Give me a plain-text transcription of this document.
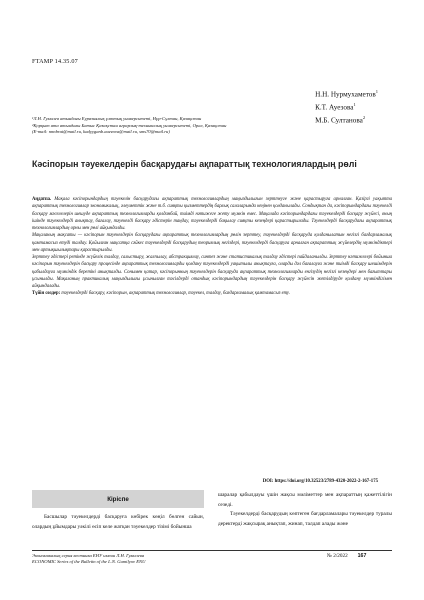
FTAMP 14.35.07
Н.Н. Нурмухаметов$^1$
К.Т. Ауезова$^1$
М.Б. Султанова$^2$
¹Л.Н. Гумилев атындағы Еуразиялық ұлттық университеті, Нұр-Сұлтан, Қазақстан
²Қорқыт ата атындағы Батыс Қазақстан аграрлық-техникалық университеті, Орал, Қазақстан
(E-mail: nnnbrat@mail.ru, kadyyganb.auezova@mail.ru, sms70@mail.ru)
Кәсіпорын тәуекелдерін басқарудағы ақпараттық технологиялардың рөлі

Аңдатпа. Мақала кәсіпорындардың тәуекелін басқарудағы ақпараттық технологиялардың маңыздылығын зерттеуге және қарастыруға арналған. Қазіргі уақытта ақпараттық технологиялар экономикалық, әлеуметтік және т.б. сияқты қызметтердің барлық салаларында кеңінен қолданылады. Сондықтан да, кәсіпорындардағы тәуекелді басқару мәселелерін шешуде ақпараттық технологияларды қолданбай, тиімді нәтижеге жету мүмкін емес. Мақалада кәсіпорындардағы тәуекелдерді басқару жүйесі, оның ішінде тәуекелдерді анықтау, бағалау, тәуекелді басқару әдістерін таңдау, тәуекелдерді бақылау сияқты кезеңдері қарастырылады. Тәуекелдерді басқарудағы ақпараттық технологиялардың орны мен рөлі айқындалды.

Мақаланың мақсаты — кәсіпорын тәуекелдерін басқарудағы ақпараттық технологиялардың рөлін зерттеу, тәуекелдерді басқаруда қолданылатын негізгі бағдарламалық қамтамасыз етуді талдау. Қойылған мақсатқа сәйкес тәуекелдерді басқарудың теориялық негіздері, тәуекелдерді басқаруға арналған ақпараттық жүйелердің мүмкіндіктері мен артықшылықтары қарастырылды.

Зерттеу әдістері ретінде жүйелік талдау, салыстыру, жалпылау, абстракциялау, синтез және статистикалық талдау әдістері пайдаланылды. Зерттеу нәтижелері бойынша кәсіпорын тәуекелдерін басқару процесінде ақпараттық технологияларды қолдану тәуекелдерді уақытылы анықтауға, оларды дәл бағалауға және тиімді басқару шешімдерін қабылдауға мүмкіндік беретіні анықталды. Сонымен қатар, кәсіпорынның тәуекелдерін басқаруда ақпараттық технологияларды енгізудің негізгі кезеңдері мен бағыттары ұсынылды. Мақаланың практикалық маңыздылығы ұсынылған тәсілдерді отандық кәсіпорындардың тәуекелдерін басқару жүйесін жетілдіруде қолдану мүмкіндігімен айқындалады.

Түйін сөздер: тәуекелдерді басқару, кәсіпорын, ақпараттық технологиялар, тәуекел, талдау, бағдарламалық қамтамасыз ету.

DOI: https://doi.org/10.32523/2789-4320-2022-2-167-175
Кіріспе

Басшылар тәуекелдерді басқаруға көбірек көңіл бөлген сайын, олардың ұйымдары уәкілі өсіп келе жатқан тәуекелдер тізімі бойынша

шаралар қабылдауы үшін жақсы мәліметтер мен ақпараттың қажеттілігін сезеді.

Тәуекелдерді басқарудың көптеген бағдарламалары тәуекелдер туралы деректерді жақсырақ анықтап, жинап, талдап алады және

Экономикалық серия вестника ЕНУ имени Л.Н. Гумилева
ECONOMIC Series of the Bulletin of the L.N. Gumilyov ENU
№ 2/2022 167
